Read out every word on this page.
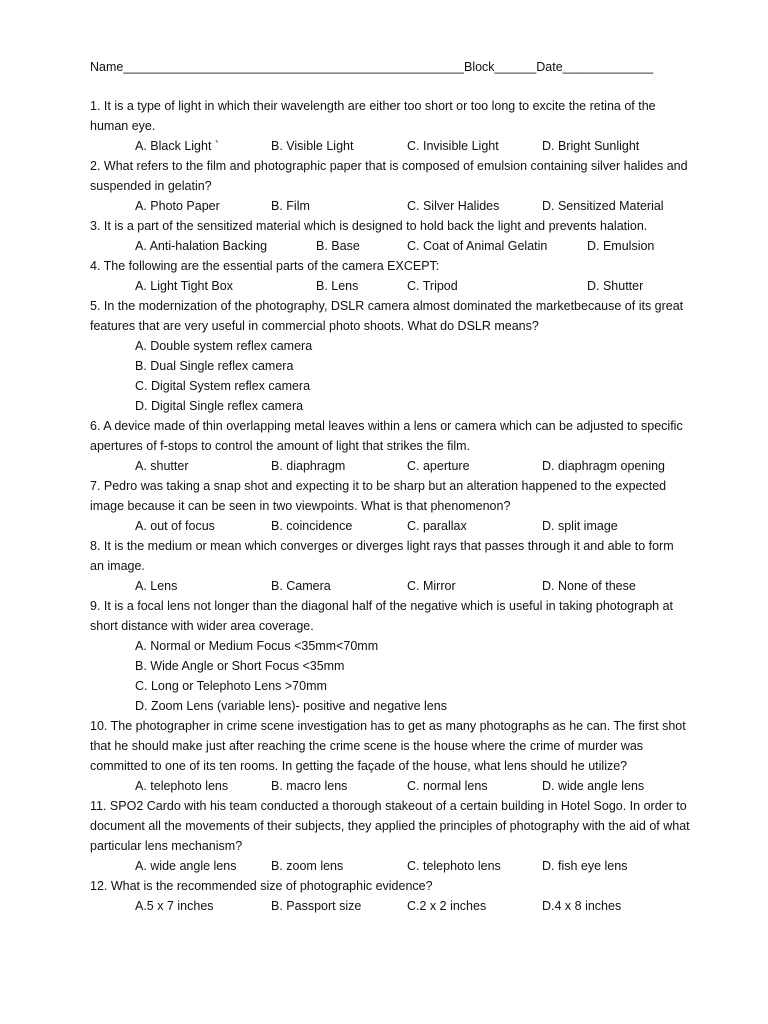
Name_________________________________________________Block______Date_____________
1. It is a type of light in which their wavelength are either too short or too long to excite the retina of the human eye.
A. Black Light `	B. Visible Light	C. Invisible Light	D. Bright Sunlight
2. What refers to the film and photographic paper that is composed of emulsion containing silver halides and suspended in gelatin?
A. Photo Paper	B. Film	C. Silver Halides	D. Sensitized Material
3. It is a part of the sensitized material which is designed to hold back the light and prevents halation.
A. Anti-halation Backing	B. Base	C. Coat of Animal Gelatin	D. Emulsion
4. The following are the essential parts of the camera EXCEPT:
A. Light Tight Box	B. Lens	C. Tripod	D. Shutter
5. In the modernization of the photography, DSLR camera almost dominated the marketbecause of its great features that are very useful in commercial photo shoots. What do DSLR means?
A. Double system reflex camera
B. Dual Single reflex camera
C. Digital System reflex camera
D. Digital Single reflex camera
6. A device made of thin overlapping metal leaves within a lens or camera which can be adjusted to specific apertures of f-stops to control the amount of light that strikes the film.
A. shutter	B. diaphragm	C. aperture	D. diaphragm opening
7. Pedro was taking a snap shot and expecting it to be sharp but an alteration happened to the expected image because it can be seen in two viewpoints. What is that phenomenon?
A. out of focus	B. coincidence	C. parallax	D. split image
8. It is the medium or mean which converges or diverges light rays that passes through it and able to form an image.
A. Lens	B. Camera	C. Mirror	D. None of these
9. It is a focal lens not longer than the diagonal half of the negative which is useful in taking photograph at short distance with wider area coverage.
A. Normal or Medium Focus <35mm<70mm
B. Wide Angle or Short Focus <35mm
C. Long or Telephoto Lens >70mm
D. Zoom Lens (variable lens)- positive and negative lens
10. The photographer in crime scene investigation has to get as many photographs as he can. The first shot that he should make just after reaching the crime scene is the house where the crime of murder was committed to one of its ten rooms. In getting the façade of the house, what lens should he utilize?
A. telephoto lens	B. macro lens	C. normal lens	D. wide angle lens
11. SPO2 Cardo with his team conducted a thorough stakeout of a certain building in Hotel Sogo. In order to document all the movements of their subjects, they applied the principles of photography with the aid of what particular lens mechanism?
A. wide angle lens	B. zoom lens	C. telephoto lens	D. fish eye lens
12. What is the recommended size of photographic evidence?
A.5 x 7 inches	B. Passport size	C.2 x 2 inches	D.4 x 8 inches
